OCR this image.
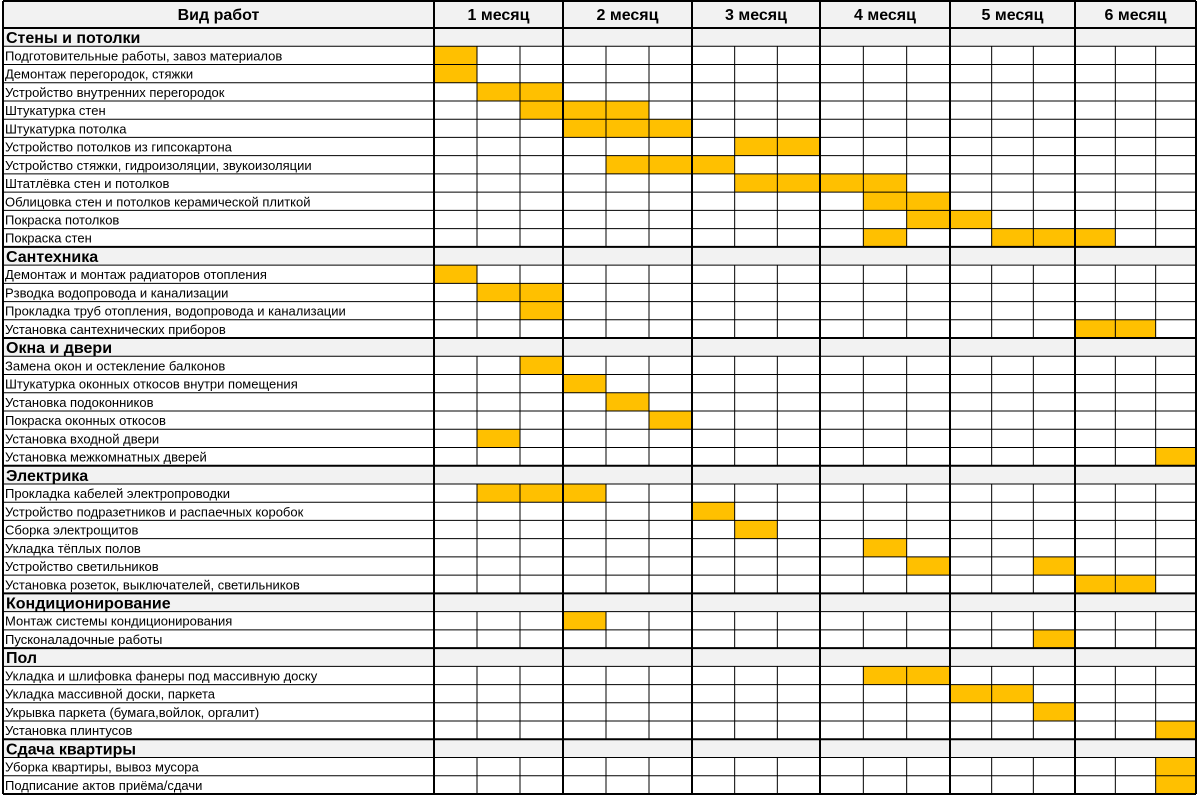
Вид работ	1 месяц	2 месяц	3 месяц	4 месяц	5 месяц	6 месяц
Стены и потолки
Подготовительные работы, завоз материалов
Демонтаж перегородок, стяжки
Устройство внутренних перегородок
Штукатурка стен
Штукатурка потолка
Устройство потолков из гипсокартона
Устройство стяжки, гидроизоляции, звукоизоляции
Штатлёвка стен и потолков
Облицовка стен и потолков керамической плиткой
Покраска потолков
Покраска стен
Сантехника
Демонтаж и монтаж радиаторов отопления
Рзводка водопровода и канализации
Прокладка труб отопления, водопровода и канализации
Установка сантехнических приборов
Окна и двери
Замена окон и остекление балконов
Штукатурка оконных откосов внутри помещения
Установка подоконников
Покраска оконных откосов
Установка входной двери
Установка межкомнатных дверей
Электрика
Прокладка кабелей электропроводки
Устройство подразетников и распаечных коробок
Сборка электрощитов
Укладка тёплых полов
Устройство светильников
Установка розеток, выключателей, светильников
Кондиционирование
Монтаж системы кондиционирования
Пусконаладочные работы
Пол
Укладка и шлифовка фанеры под массивную доску
Укладка массивной доски, паркета
Укрывка паркета (бумага,войлок, оргалит)
Установка плинтусов
Сдача квартиры
Уборка квартиры, вывоз мусора
Подписание актов приёма/сдачи
